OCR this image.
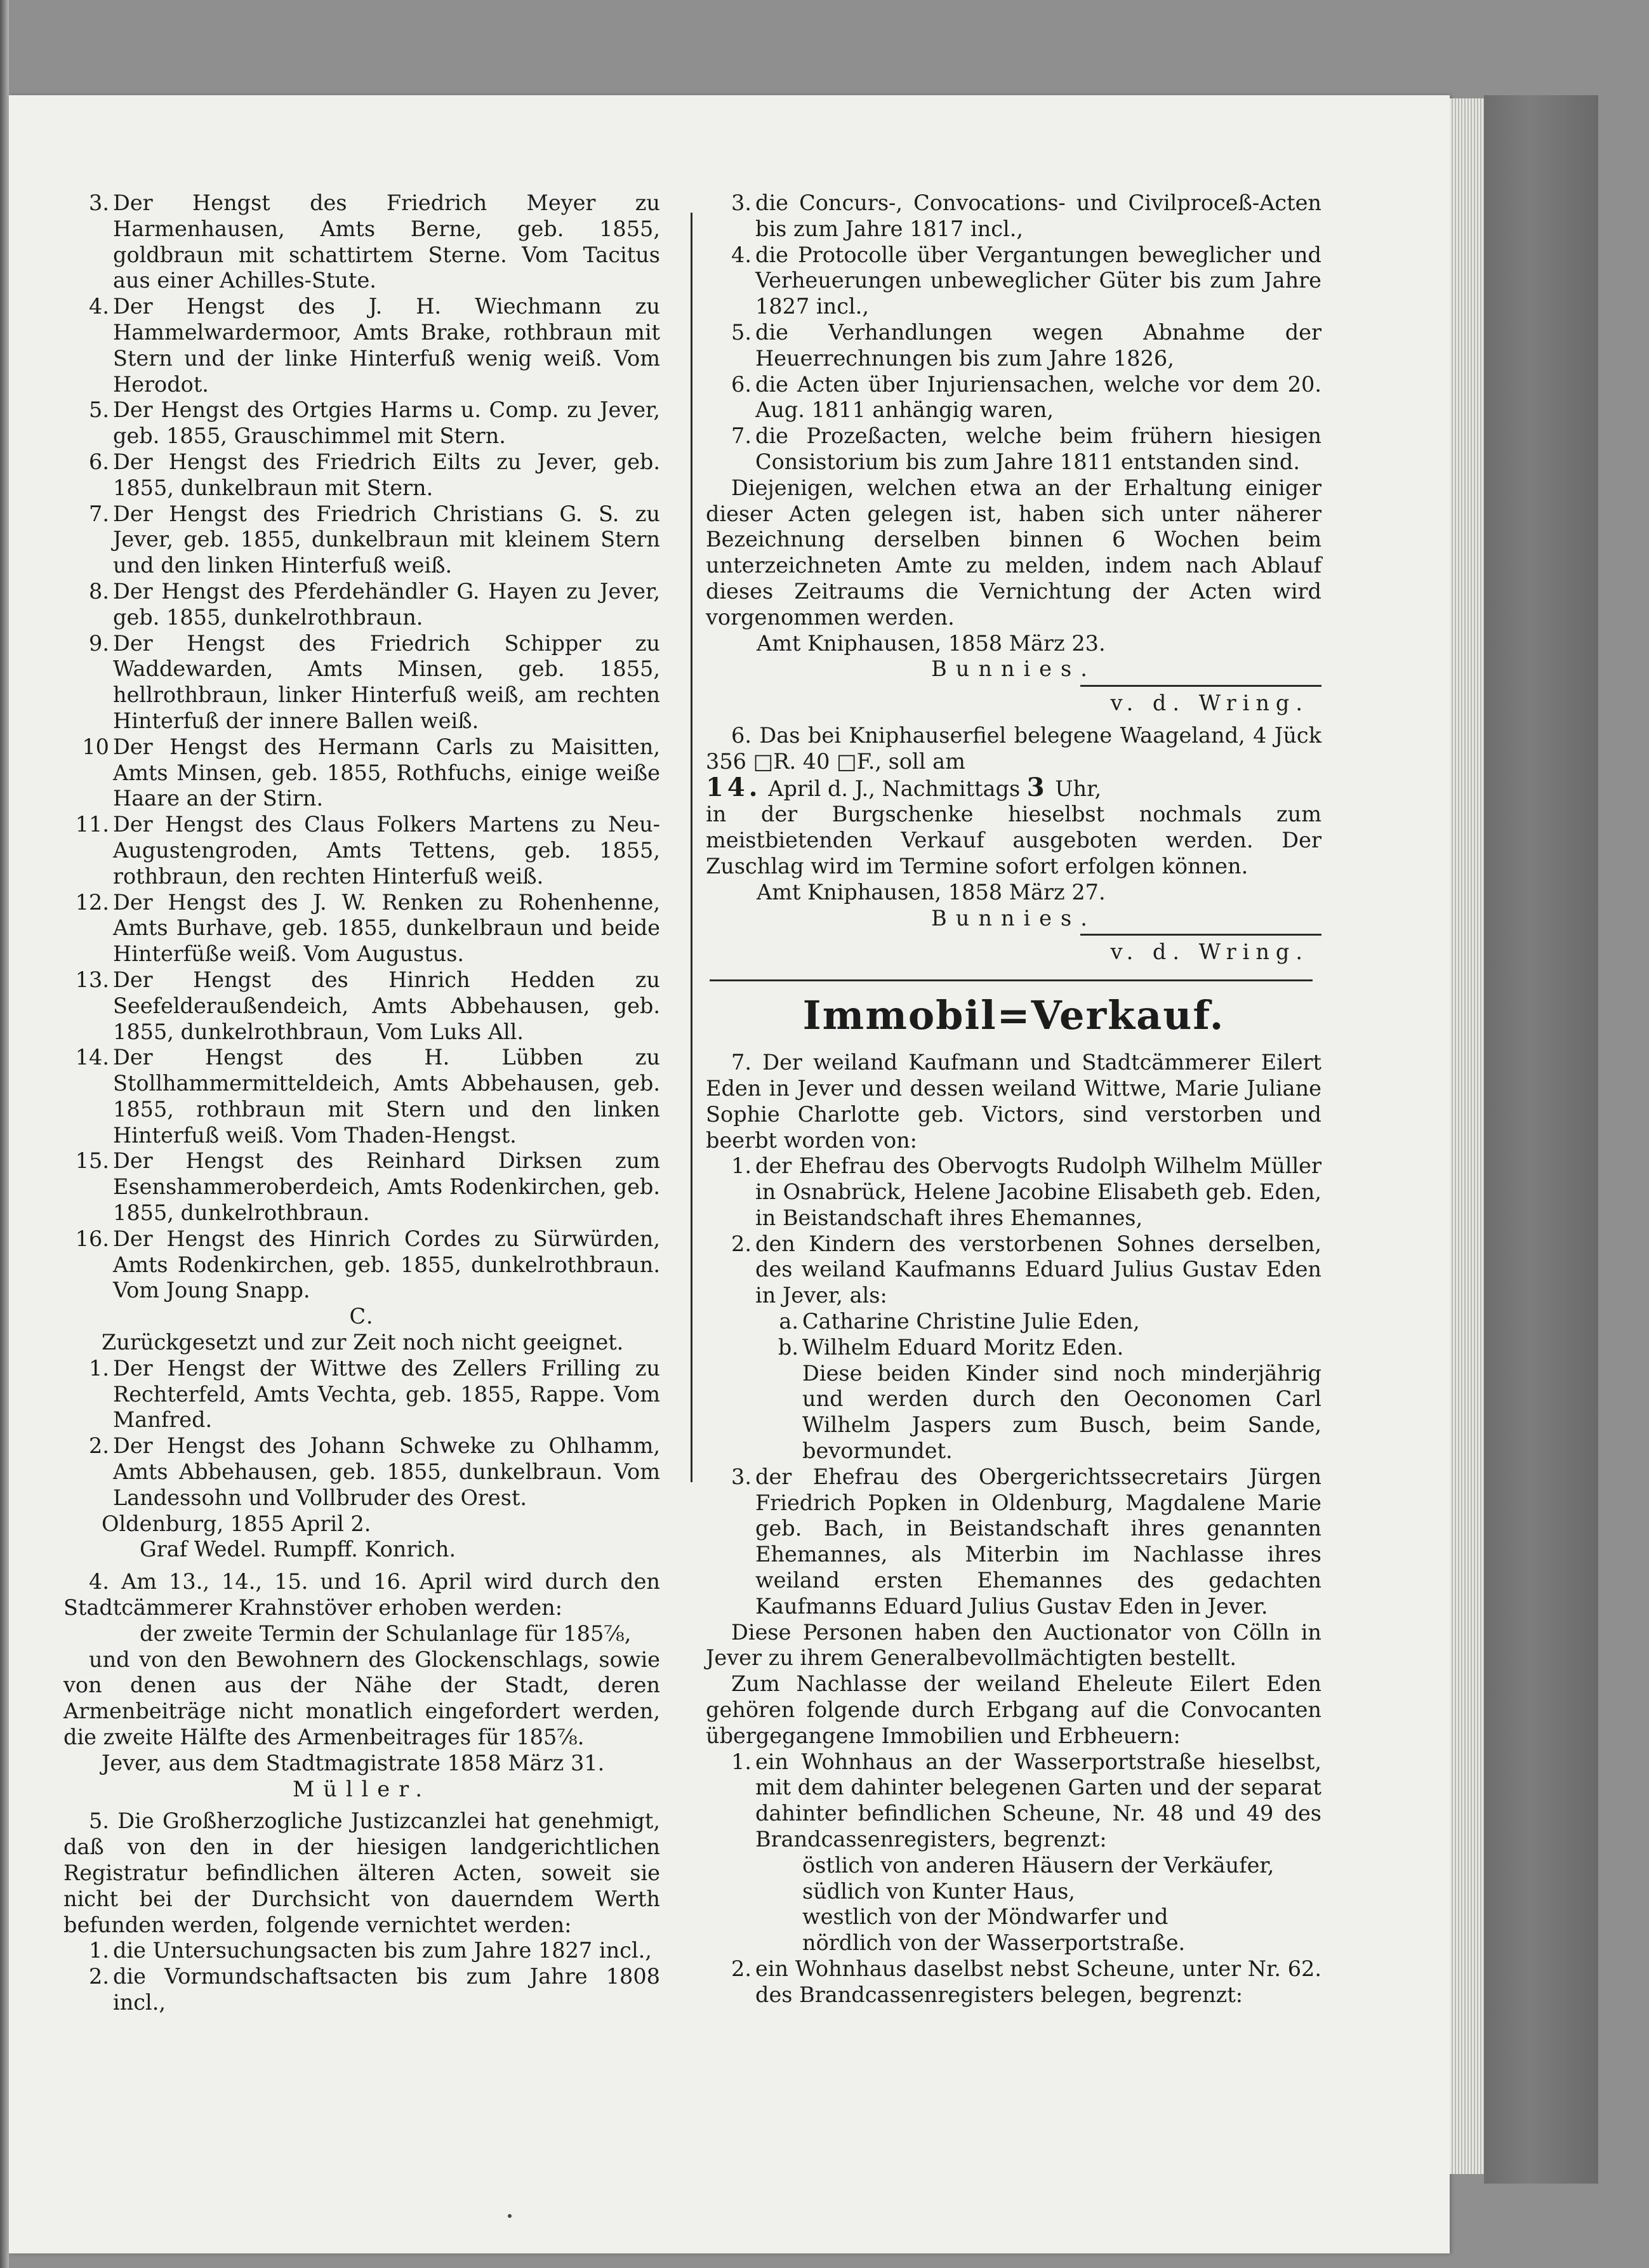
3. Der Hengst des Friedrich Meyer zu Harmenhausen, Amts Berne, geb. 1855, goldbraun mit schattirtem Sterne. Vom Tacitus aus einer Achilles-Stute.
4. Der Hengst des J. H. Wiechmann zu Hammelwardermoor, Amts Brake, rothbraun mit Stern und der linke Hinterfuß wenig weiß. Vom Herodot.
5. Der Hengst des Ortgies Harms u. Comp. zu Jever, geb. 1855, Grauschimmel mit Stern.
6. Der Hengst des Friedrich Eilts zu Jever, geb. 1855, dunkelbraun mit Stern.
7. Der Hengst des Friedrich Christians G. S. zu Jever, geb. 1855, dunkelbraun mit kleinem Stern und den linken Hinterfuß weiß.
8. Der Hengst des Pferdehändler G. Hayen zu Jever, geb. 1855, dunkelrothbraun.
9. Der Hengst des Friedrich Schipper zu Waddewarden, Amts Minsen, geb. 1855, hellrothbraun, linker Hinterfuß weiß, am rechten Hinterfuß der innere Ballen weiß.
10 Der Hengst des Hermann Carls zu Maisitten, Amts Minsen, geb. 1855, Rothfuchs, einige weiße Haare an der Stirn.
11. Der Hengst des Claus Folkers Martens zu Neu-Augustengroden, Amts Tettens, geb. 1855, rothbraun, den rechten Hinterfuß weiß.
12. Der Hengst des J. W. Renken zu Rohenhenne, Amts Burhave, geb. 1855, dunkelbraun und beide Hinterfüße weiß. Vom Augustus.
13. Der Hengst des Hinrich Hedden zu Seefelderaußendeich, Amts Abbehausen, geb. 1855, dunkelrothbraun, Vom Luks All.
14. Der Hengst des H. Lübben zu Stollhammermitteldeich, Amts Abbehausen, geb. 1855, rothbraun mit Stern und den linken Hinterfuß weiß. Vom Thaden-Hengst.
15. Der Hengst des Reinhard Dirksen zum Esenshammeroberdeich, Amts Rodenkirchen, geb. 1855, dunkelrothbraun.
16. Der Hengst des Hinrich Cordes zu Sürwürden, Amts Rodenkirchen, geb. 1855, dunkelrothbraun. Vom Joung Snapp.
C.
Zurückgesetzt und zur Zeit noch nicht geeignet.
1. Der Hengst der Wittwe des Zellers Frilling zu Rechterfeld, Amts Vechta, geb. 1855, Rappe. Vom Manfred.
2. Der Hengst des Johann Schweke zu Ohlhamm, Amts Abbehausen, geb. 1855, dunkelbraun. Vom Landessohn und Vollbruder des Orest.
Oldenburg, 1855 April 2.
Graf Wedel. Rumpff. Konrich.
4. Am 13., 14., 15. und 16. April wird durch den Stadtcämmerer Krahnstöver erhoben werden:
der zweite Termin der Schulanlage für 185⅞,
und von den Bewohnern des Glockenschlags, sowie von denen aus der Nähe der Stadt, deren Armenbeiträge nicht monatlich eingefordert werden, die zweite Hälfte des Armenbeitrages für 185⅞.
Jever, aus dem Stadtmagistrate 1858 März 31.
Müller.
5. Die Großherzogliche Justizcanzlei hat genehmigt, daß von den in der hiesigen landgerichtlichen Registratur befindlichen älteren Acten, soweit sie nicht bei der Durchsicht von dauerndem Werth befunden werden, folgende vernichtet werden:
1. die Untersuchungsacten bis zum Jahre 1827 incl.,
2. die Vormundschaftsacten bis zum Jahre 1808 incl.,
3. die Concurs-, Convocations- und Civilproceß-Acten bis zum Jahre 1817 incl.,
4. die Protocolle über Vergantungen beweglicher und Verheuerungen unbeweglicher Güter bis zum Jahre 1827 incl.,
5. die Verhandlungen wegen Abnahme der Heuerrechnungen bis zum Jahre 1826,
6. die Acten über Injuriensachen, welche vor dem 20. Aug. 1811 anhängig waren,
7. die Prozeßacten, welche beim frühern hiesigen Consistorium bis zum Jahre 1811 entstanden sind.
Diejenigen, welchen etwa an der Erhaltung einiger dieser Acten gelegen ist, haben sich unter näherer Bezeichnung derselben binnen 6 Wochen beim unterzeichneten Amte zu melden, indem nach Ablauf dieses Zeitraums die Vernichtung der Acten wird vorgenommen werden.
Amt Kniphausen, 1858 März 23.
Bunnies.
v. d. Wring.
6. Das bei Kniphauserfiel belegene Waageland, 4 Jück 356 □R. 40 □F., soll am
14. April d. J., Nachmittags 3 Uhr,
in der Burgschenke hieselbst nochmals zum meistbietenden Verkauf ausgeboten werden. Der Zuschlag wird im Termine sofort erfolgen können.
Amt Kniphausen, 1858 März 27.
Bunnies.
v. d. Wring.
Immobil=Verkauf.
7. Der weiland Kaufmann und Stadtcämmerer Eilert Eden in Jever und dessen weiland Wittwe, Marie Juliane Sophie Charlotte geb. Victors, sind verstorben und beerbt worden von:
1. der Ehefrau des Obervogts Rudolph Wilhelm Müller in Osnabrück, Helene Jacobine Elisabeth geb. Eden, in Beistandschaft ihres Ehemannes,
2. den Kindern des verstorbenen Sohnes derselben, des weiland Kaufmanns Eduard Julius Gustav Eden in Jever, als:
a. Catharine Christine Julie Eden,
b. Wilhelm Eduard Moritz Eden.
Diese beiden Kinder sind noch minderjährig und werden durch den Oeconomen Carl Wilhelm Jaspers zum Busch, beim Sande, bevormundet.
3. der Ehefrau des Obergerichtssecretairs Jürgen Friedrich Popken in Oldenburg, Magdalene Marie geb. Bach, in Beistandschaft ihres genannten Ehemannes, als Miterbin im Nachlasse ihres weiland ersten Ehemannes des gedachten Kaufmanns Eduard Julius Gustav Eden in Jever.
Diese Personen haben den Auctionator von Cölln in Jever zu ihrem Generalbevollmächtigten bestellt.
Zum Nachlasse der weiland Eheleute Eilert Eden gehören folgende durch Erbgang auf die Convocanten übergegangene Immobilien und Erbheuern:
1. ein Wohnhaus an der Wasserportstraße hieselbst, mit dem dahinter belegenen Garten und der separat dahinter befindlichen Scheune, Nr. 48 und 49 des Brandcassenregisters, begrenzt:
östlich von anderen Häusern der Verkäufer,
südlich von Kunter Haus,
westlich von der Möndwarfer und
nördlich von der Wasserportstraße.
2. ein Wohnhaus daselbst nebst Scheune, unter Nr. 62. des Brandcassenregisters belegen, begrenzt:
